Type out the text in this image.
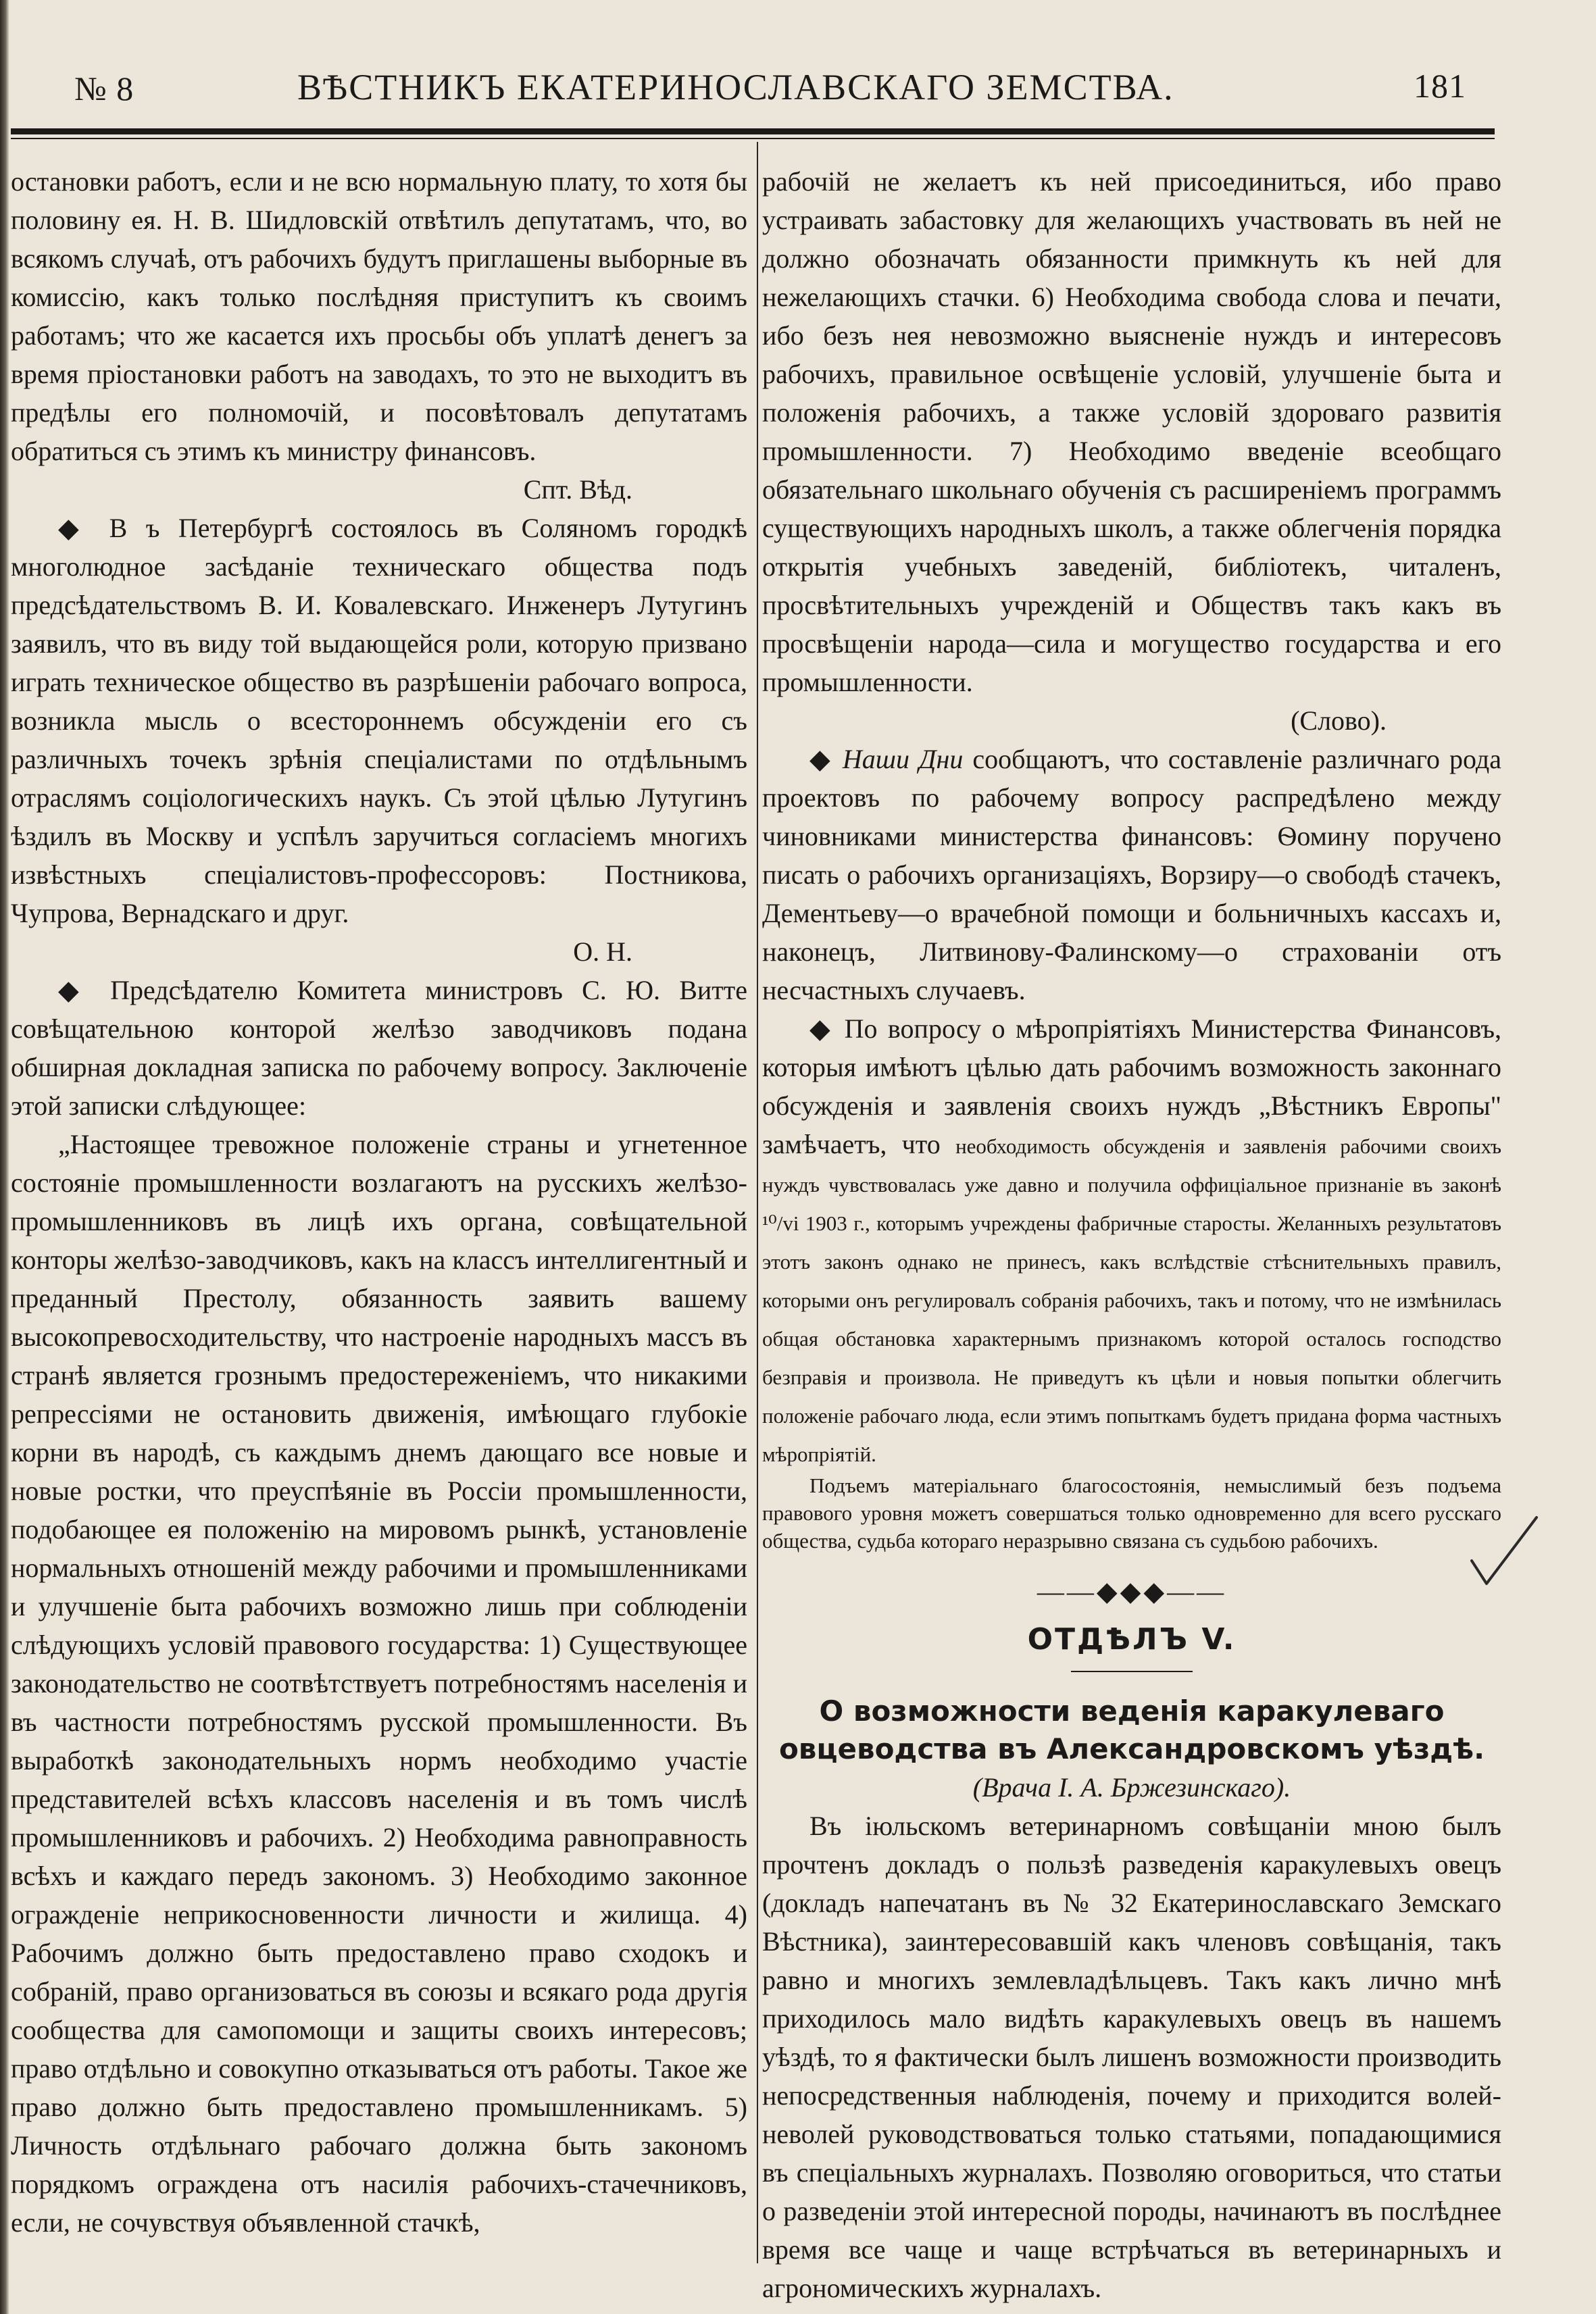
№ 8	ВѢСТНИКЪ ЕКАТЕРИНОСЛАВСКАГО ЗЕМСТВА.	181

остановки работъ, если и не всю нормальную плату, то хотя бы половину ея. Н. В. Шидловскій отвѣтилъ депутатамъ, что, во всякомъ случаѣ, отъ рабочихъ будутъ приглашены выборные въ комиссію, какъ только послѣдняя приступитъ къ своимъ работамъ; что же касается ихъ просьбы объ уплатѣ денегъ за время пріостановки работъ на заводахъ, то это не выходитъ въ предѣлы его полномочій, и посовѣтовалъ депутатамъ обратиться съ этимъ къ министру финансовъ.

Спт. Вѣд.

◆ В ъ Петербургѣ состоялось въ Соляномъ городкѣ многолюдное засѣданіе техническаго общества подъ предсѣдательствомъ В. И. Ковалевскаго. Инженеръ Лутугинъ заявилъ, что въ виду той выдающейся роли, которую призвано играть техническое общество въ разрѣшеніи рабочаго вопроса, возникла мысль о всестороннемъ обсужденіи его съ различныхъ точекъ зрѣнія спеціалистами по отдѣльнымъ отраслямъ соціологическихъ наукъ. Съ этой цѣлью Лутугинъ ѣздилъ въ Москву и успѣлъ заручиться согласіемъ многихъ извѣстныхъ спеціалистовъ-профессоровъ: Постникова, Чупрова, Вернадскаго и друг.

О. Н.

◆ Предсѣдателю Комитета министровъ С. Ю. Витте совѣщательною конторой желѣзо заводчиковъ подана обширная докладная записка по рабочему вопросу. Заключеніе этой записки слѣдующее:

„Настоящее тревожное положеніе страны и угнетенное состояніе промышленности возлагаютъ на русскихъ желѣзо-промышленниковъ въ лицѣ ихъ органа, совѣщательной конторы желѣзо-заводчиковъ, какъ на классъ интеллигентный и преданный Престолу, обязанность заявить вашему высокопревосходительству, что настроеніе народныхъ массъ въ странѣ является грознымъ предостереженіемъ, что никакими репрессіями не остановить движенія, имѣющаго глубокіе корни въ народѣ, съ каждымъ днемъ дающаго все новые и новые ростки, что преуспѣяніе въ Россіи промышленности, подобающее ея положенію на мировомъ рынкѣ, установленіе нормальныхъ отношеній между рабочими и промышленниками и улучшеніе быта рабочихъ возможно лишь при соблюденіи слѣдующихъ условій правового государства: 1) Существующее законодательство не соотвѣтствуетъ потребностямъ населенія и въ частности потребностямъ русской промышленности. Въ выработкѣ законодательныхъ нормъ необходимо участіе представителей всѣхъ классовъ населенія и въ томъ числѣ промышленниковъ и рабочихъ. 2) Необходима равноправность всѣхъ и каждаго передъ закономъ. 3) Необходимо законное огражденіе неприкосновенности личности и жилища. 4) Рабочимъ должно быть предоставлено право сходокъ и собраній, право организоваться въ союзы и всякаго рода другія сообщества для самопомощи и защиты своихъ интересовъ; право отдѣльно и совокупно отказываться отъ работы. Такое же право должно быть предоставлено промышленникамъ. 5) Личность отдѣльнаго рабочаго должна быть закономъ порядкомъ ограждена отъ насилія рабочихъ-стачечниковъ, если, не сочувствуя объявленной стачкѣ,

рабочій не желаетъ къ ней присоединиться, ибо право устраивать забастовку для желающихъ участвовать въ ней не должно обозначать обязанности примкнуть къ ней для нежелающихъ стачки. 6) Необходима свобода слова и печати, ибо безъ нея невозможно выясненіе нуждъ и интересовъ рабочихъ, правильное освѣщеніе условій, улучшеніе быта и положенія рабочихъ, а также условій здороваго развитія промышленности. 7) Необходимо введеніе всеобщаго обязательнаго школьнаго обученія съ расширеніемъ программъ существующихъ народныхъ школъ, а также облегченія порядка открытія учебныхъ заведеній, библіотекъ, читаленъ, просвѣтительныхъ учрежденій и Обществъ такъ какъ въ просвѣщеніи народа—сила и могущество государства и его промышленности.

(Слово).

◆ Наши Дни сообщаютъ, что составленіе различнаго рода проектовъ по рабочему вопросу распредѣлено между чиновниками министерства финансовъ: Ѳомину поручено писать о рабочихъ организаціяхъ, Ворзиру—о свободѣ стачекъ, Дементьеву—о врачебной помощи и больничныхъ кассахъ и, наконецъ, Литвинову-Фалинскому—о страхованіи отъ несчастныхъ случаевъ.

◆ По вопросу о мѣропріятіяхъ Министерства Финансовъ, которыя имѣютъ цѣлью дать рабочимъ возможность законнаго обсужденія и заявленія своихъ нуждъ „Вѣстникъ Европы" замѣчаетъ, что необходимость обсужденія и заявленія рабочими своихъ нуждъ чувствовалась уже давно и получила оффиціальное признаніе въ законѣ ¹⁰/vi 1903 г., которымъ учреждены фабричные старосты. Желанныхъ результатовъ этотъ законъ однако не принесъ, какъ вслѣдствіе стѣснительныхъ правилъ, которыми онъ регулировалъ собранія рабочихъ, такъ и потому, что не измѣнилась общая обстановка характернымъ признакомъ которой осталось господство безправія и произвола. Не приведутъ къ цѣли и новыя попытки облегчить положеніе рабочаго люда, если этимъ попыткамъ будетъ придана форма частныхъ мѣропріятій.

Подъемъ матеріальнаго благосостоянія, немыслимый безъ подъема правового уровня можетъ совершаться только одновременно для всего русскаго общества, судьба котораго неразрывно связана съ судьбою рабочихъ.

——◆◆◆——
ОТДѢЛЪ V.

О возможности веденія каракулеваго овцеводства въ Александровскомъ уѣздѣ.

(Врача І. А. Бржезинскаго).

Въ іюльскомъ ветеринарномъ совѣщаніи мною былъ прочтенъ докладъ о пользѣ разведенія каракулевыхъ овецъ (докладъ напечатанъ въ № 32 Екатеринославскаго Земскаго Вѣстника), заинтересовавшій какъ членовъ совѣщанія, такъ равно и многихъ землевладѣльцевъ. Такъ какъ лично мнѣ приходилось мало видѣть каракулевыхъ овецъ въ нашемъ уѣздѣ, то я фактически былъ лишенъ возможности производить непосредственныя наблюденія, почему и приходится волей-неволей руководствоваться только статьями, попадающимися въ спеціальныхъ журналахъ. Позволяю оговориться, что статьи о разведеніи этой интересной породы, начинаютъ въ послѣднее время все чаще и чаще встрѣчаться въ ветеринарныхъ и агрономическихъ журналахъ.
